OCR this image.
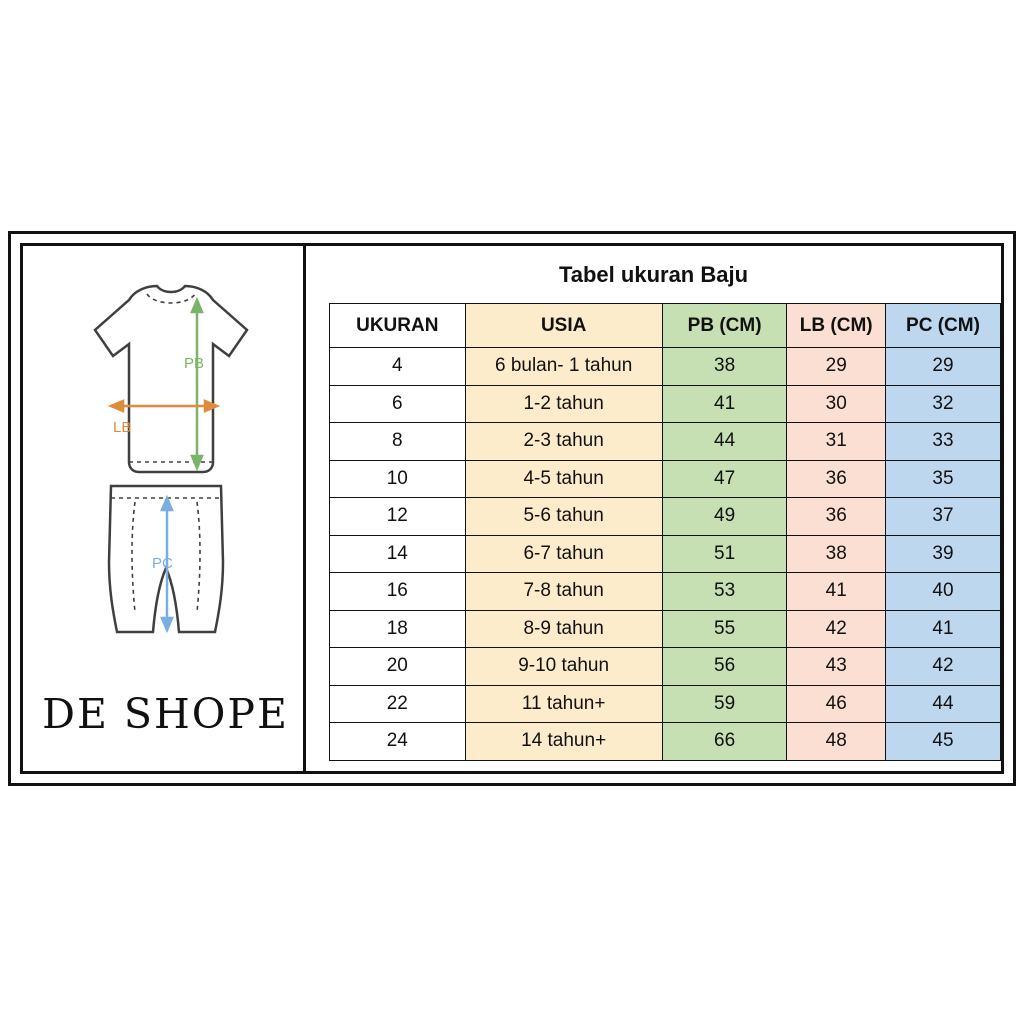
PB
LB
PC
DE SHOPE
Tabel ukuran Baju
UKURAN	USIA	PB (CM)	LB (CM)	PC (CM)
4	6 bulan- 1 tahun	38	29	29
6	1-2 tahun	41	30	32
8	2-3 tahun	44	31	33
10	4-5 tahun	47	36	35
12	5-6 tahun	49	36	37
14	6-7 tahun	51	38	39
16	7-8 tahun	53	41	40
18	8-9 tahun	55	42	41
20	9-10 tahun	56	43	42
22	11 tahun+	59	46	44
24	14 tahun+	66	48	45
